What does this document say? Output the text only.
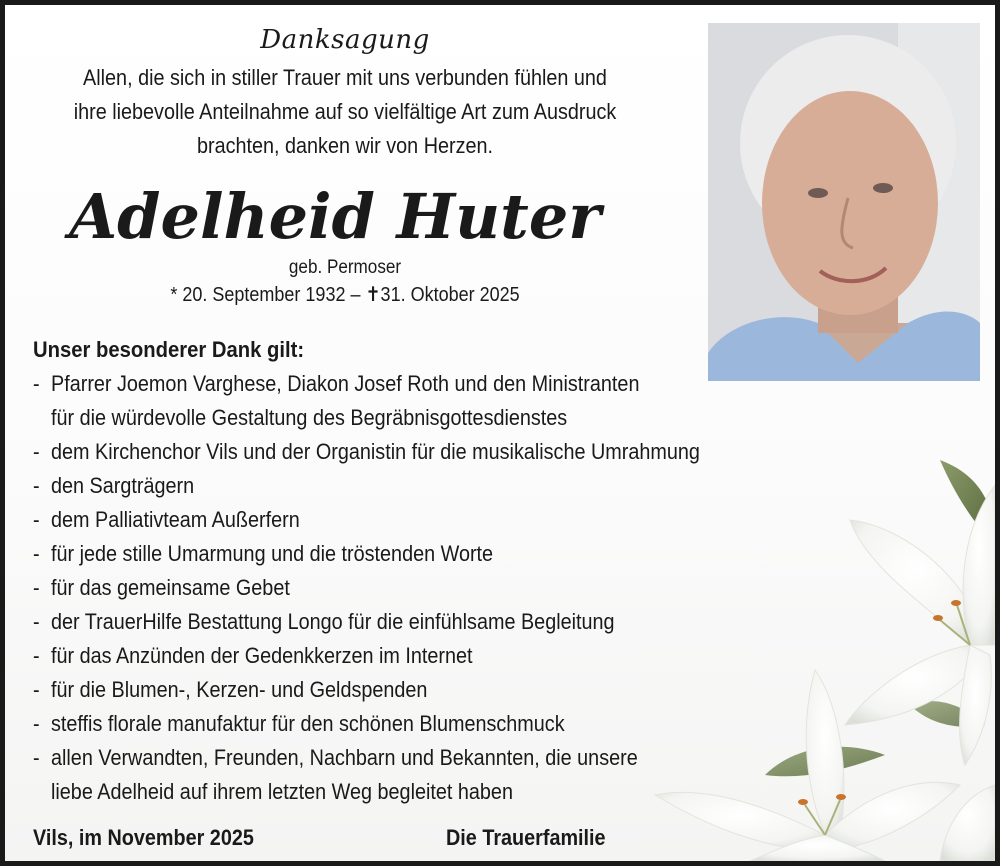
Danksagung

Allen, die sich in stiller Trauer mit uns verbunden fühlen und

ihre liebevolle Anteilnahme auf so vielfältige Art zum Ausdruck

brachten, danken wir von Herzen.

Adelheid Huter

geb. Permoser

* 20. September 1932 – ✝31. Oktober 2025

Unser besonderer Dank gilt:

- Pfarrer Joemon Varghese, Diakon Josef Roth und den Ministranten
für die würdevolle Gestaltung des Begräbnisgottesdienstes
- dem Kirchenchor Vils und der Organistin für die musikalische Umrahmung
- den Sargträgern
- dem Palliativteam Außerfern
- für jede stille Umarmung und die tröstenden Worte
- für das gemeinsame Gebet
- der TrauerHilfe Bestattung Longo für die einfühlsame Begleitung
- für das Anzünden der Gedenkkerzen im Internet
- für die Blumen-, Kerzen- und Geldspenden
- steffis florale manufaktur für den schönen Blumenschmuck
- allen Verwandten, Freunden, Nachbarn und Bekannten, die unsere
liebe Adelheid auf ihrem letzten Weg begleitet haben
Vils, im November 2025	Die Trauerfamilie
